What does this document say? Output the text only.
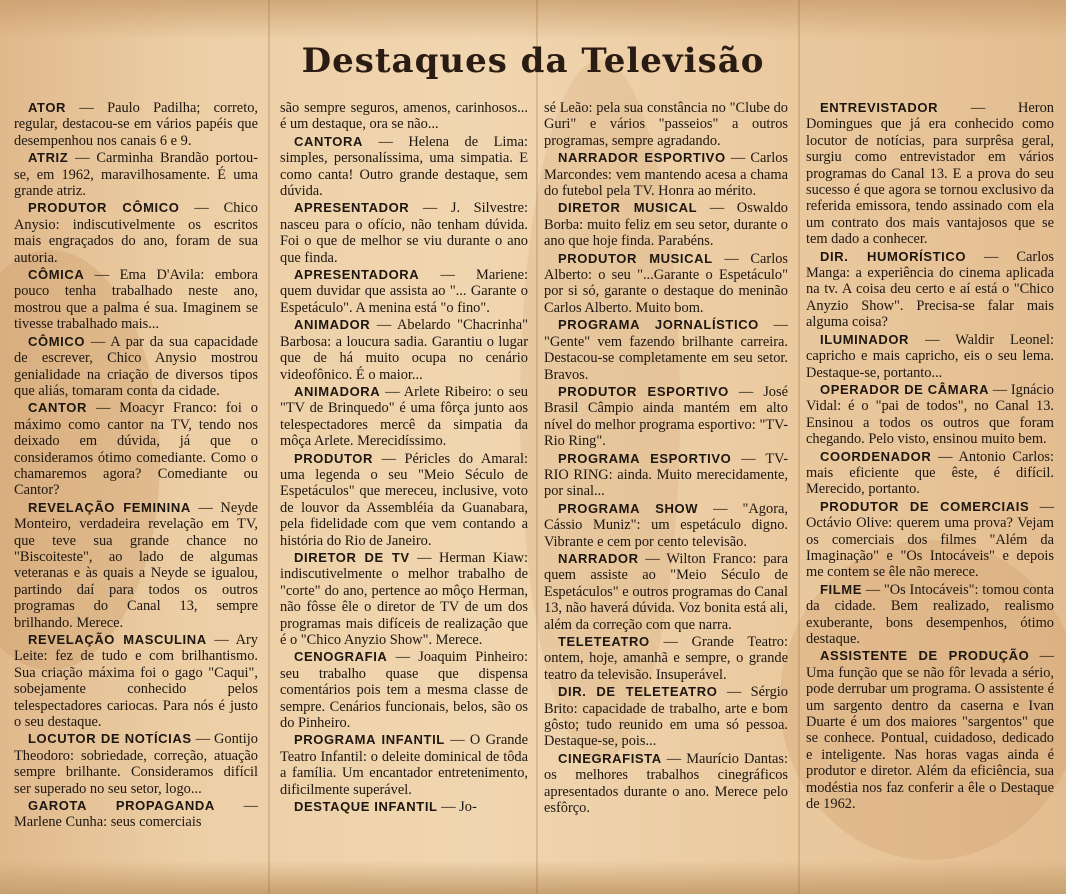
Destaques da Televisão

ATOR — Paulo Padilha; correto, regular, destacou-se em vários papéis que desempenhou nos canais 6 e 9.

ATRIZ — Carminha Brandão portou-se, em 1962, maravilhosamente. É uma grande atriz.

PRODUTOR CÔMICO — Chico Anysio: indiscutivelmente os escritos mais engraçados do ano, foram de sua autoria.

CÔMICA — Ema D'Avila: embora pouco tenha trabalhado neste ano, mostrou que a palma é sua. Imaginem se tivesse trabalhado mais...

CÔMICO — A par da sua capacidade de escrever, Chico Anysio mostrou genialidade na criação de diversos tipos que aliás, tomaram conta da cidade.

CANTOR — Moacyr Franco: foi o máximo como cantor na TV, tendo nos deixado em dúvida, já que o consideramos ótimo comediante. Como o chamaremos agora? Comediante ou Cantor?

REVELAÇÃO FEMININA — Neyde Monteiro, verdadeira revelação em TV, que teve sua grande chance no "Biscoiteste", ao lado de algumas veteranas e às quais a Neyde se igualou, partindo daí para todos os outros programas do Canal 13, sempre brilhando. Merece.

REVELAÇÃO MASCULINA — Ary Leite: fez de tudo e com brilhantismo. Sua criação máxima foi o gago "Caqui", sobejamente conhecido pelos telespectadores cariocas. Para nós é justo o seu destaque.

LOCUTOR DE NOTÍCIAS — Gontijo Theodoro: sobriedade, correção, atuação sempre brilhante. Consideramos difícil ser superado no seu setor, logo...

GAROTA PROPAGANDA — Marlene Cunha: seus comerciais

são sempre seguros, amenos, carinhosos... é um destaque, ora se não...

CANTORA — Helena de Lima: simples, personalíssima, uma simpatia. E como canta! Outro grande destaque, sem dúvida.

APRESENTADOR — J. Silvestre: nasceu para o ofício, não tenham dúvida. Foi o que de melhor se viu durante o ano que finda.

APRESENTADORA — Mariene: quem duvidar que assista ao "... Garante o Espetáculo". A menina está "o fino".

ANIMADOR — Abelardo "Chacrinha" Barbosa: a loucura sadia. Garantiu o lugar que de há muito ocupa no cenário videofônico. É o maior...

ANIMADORA — Arlete Ribeiro: o seu "TV de Brinquedo" é uma fôrça junto aos telespectadores mercê da simpatia da môça Arlete. Merecidíssimo.

PRODUTOR — Péricles do Amaral: uma legenda o seu "Meio Século de Espetáculos" que mereceu, inclusive, voto de louvor da Assembléia da Guanabara, pela fidelidade com que vem contando a história do Rio de Janeiro.

DIRETOR DE TV — Herman Kiaw: indiscutivelmente o melhor trabalho de "corte" do ano, pertence ao môço Herman, não fôsse êle o diretor de TV de um dos programas mais difíceis de realização que é o "Chico Anyzio Show". Merece.

CENOGRAFIA — Joaquim Pinheiro: seu trabalho quase que dispensa comentários pois tem a mesma classe de sempre. Cenários funcionais, belos, são os do Pinheiro.

PROGRAMA INFANTIL — O Grande Teatro Infantil: o deleite dominical de tôda a família. Um encantador entretenimento, dificilmente superável.

DESTAQUE INFANTIL — Jo-

sé Leão: pela sua constância no "Clube do Guri" e vários "passeios" a outros programas, sempre agradando.

NARRADOR ESPORTIVO — Carlos Marcondes: vem mantendo acesa a chama do futebol pela TV. Honra ao mérito.

DIRETOR MUSICAL — Oswaldo Borba: muito feliz em seu setor, durante o ano que hoje finda. Parabéns.

PRODUTOR MUSICAL — Carlos Alberto: o seu "...Garante o Espetáculo" por si só, garante o destaque do meninão Carlos Alberto. Muito bom.

PROGRAMA JORNALÍSTICO — "Gente" vem fazendo brilhante carreira. Destacou-se completamente em seu setor. Bravos.

PRODUTOR ESPORTIVO — José Brasil Câmpio ainda mantém em alto nível do melhor programa esportivo: "TV-Rio Ring".

PROGRAMA ESPORTIVO — TV-RIO RING: ainda. Muito merecidamente, por sinal...

PROGRAMA SHOW — "Agora, Cássio Muniz": um espetáculo digno. Vibrante e cem por cento televisão.

NARRADOR — Wilton Franco: para quem assiste ao "Meio Século de Espetáculos" e outros programas do Canal 13, não haverá dúvida. Voz bonita está ali, além da correção com que narra.

TELETEATRO — Grande Teatro: ontem, hoje, amanhã e sempre, o grande teatro da televisão. Insuperável.

DIR. DE TELETEATRO — Sérgio Brito: capacidade de trabalho, arte e bom gôsto; tudo reunido em uma só pessoa. Destaque-se, pois...

CINEGRAFISTA — Maurício Dantas: os melhores trabalhos cinegráficos apresentados durante o ano. Merece pelo esfôrço.

ENTREVISTADOR — Heron Domingues que já era conhecido como locutor de notícias, para surprêsa geral, surgiu como entrevistador em vários programas do Canal 13. E a prova do seu sucesso é que agora se tornou exclusivo da referida emissora, tendo assinado com ela um contrato dos mais vantajosos que se tem dado a conhecer.

DIR. HUMORÍSTICO — Carlos Manga: a experiência do cinema aplicada na tv. A coisa deu certo e aí está o "Chico Anyzio Show". Precisa-se falar mais alguma coisa?

ILUMINADOR — Waldir Leonel: capricho e mais capricho, eis o seu lema. Destaque-se, portanto...

OPERADOR DE CÂMARA — Ignácio Vidal: é o "pai de todos", no Canal 13. Ensinou a todos os outros que foram chegando. Pelo visto, ensinou muito bem.

COORDENADOR — Antonio Carlos: mais eficiente que êste, é difícil. Merecido, portanto.

PRODUTOR DE COMERCIAIS — Octávio Olive: querem uma prova? Vejam os comerciais dos filmes "Além da Imaginação" e "Os Intocáveis" e depois me contem se êle não merece.

FILME — "Os Intocáveis": tomou conta da cidade. Bem realizado, realismo exuberante, bons desempenhos, ótimo destaque.

ASSISTENTE DE PRODUÇÃO — Uma função que se não fôr levada a sério, pode derrubar um programa. O assistente é um sargento dentro da caserna e Ivan Duarte é um dos maiores "sargentos" que se conhece. Pontual, cuidadoso, dedicado e inteligente. Nas horas vagas ainda é produtor e diretor. Além da eficiência, sua modéstia nos faz conferir a êle o Destaque de 1962.
